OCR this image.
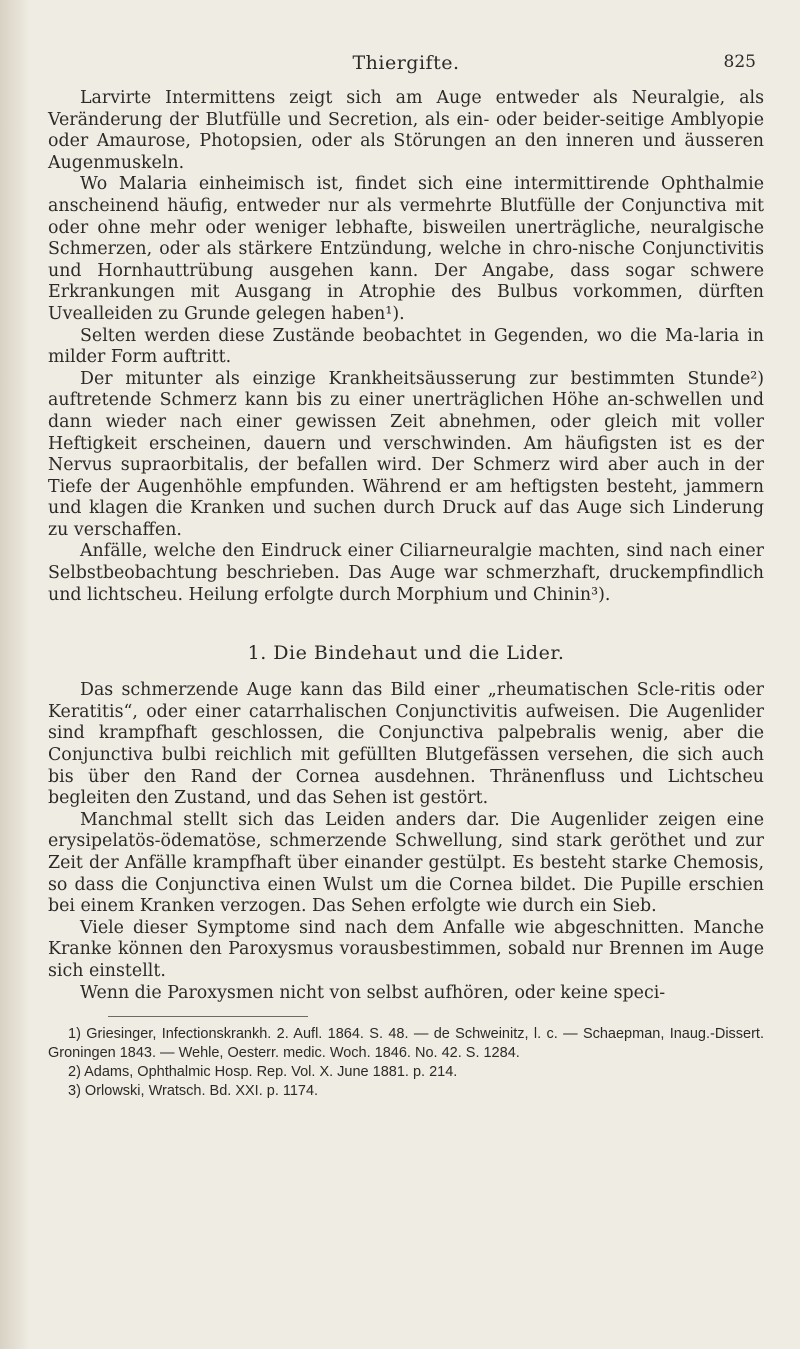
Thiergifte.	825

Larvirte Intermittens zeigt sich am Auge entweder als Neuralgie, als Veränderung der Blutfülle und Secretion, als ein- oder beider-seitige Amblyopie oder Amaurose, Photopsien, oder als Störungen an den inneren und äusseren Augenmuskeln.

Wo Malaria einheimisch ist, findet sich eine intermittirende Ophthalmie anscheinend häufig, entweder nur als vermehrte Blutfülle der Conjunctiva mit oder ohne mehr oder weniger lebhafte, bisweilen unerträgliche, neuralgische Schmerzen, oder als stärkere Entzündung, welche in chro-nische Conjunctivitis und Hornhauttrübung ausgehen kann. Der Angabe, dass sogar schwere Erkrankungen mit Ausgang in Atrophie des Bulbus vorkommen, dürften Uvealleiden zu Grunde gelegen haben¹).

Selten werden diese Zustände beobachtet in Gegenden, wo die Ma-laria in milder Form auftritt.

Der mitunter als einzige Krankheitsäusserung zur bestimmten Stunde²) auftretende Schmerz kann bis zu einer unerträglichen Höhe an-schwellen und dann wieder nach einer gewissen Zeit abnehmen, oder gleich mit voller Heftigkeit erscheinen, dauern und verschwinden. Am häufigsten ist es der Nervus supraorbitalis, der befallen wird. Der Schmerz wird aber auch in der Tiefe der Augenhöhle empfunden. Während er am heftigsten besteht, jammern und klagen die Kranken und suchen durch Druck auf das Auge sich Linderung zu verschaffen.

Anfälle, welche den Eindruck einer Ciliarneuralgie machten, sind nach einer Selbstbeobachtung beschrieben. Das Auge war schmerzhaft, druckempfindlich und lichtscheu. Heilung erfolgte durch Morphium und Chinin³).

1. Die Bindehaut und die Lider.

Das schmerzende Auge kann das Bild einer „rheumatischen Scle-ritis oder Keratitis“, oder einer catarrhalischen Conjunctivitis aufweisen. Die Augenlider sind krampfhaft geschlossen, die Conjunctiva palpebralis wenig, aber die Conjunctiva bulbi reichlich mit gefüllten Blutgefässen versehen, die sich auch bis über den Rand der Cornea ausdehnen. Thränenfluss und Lichtscheu begleiten den Zustand, und das Sehen ist gestört.

Manchmal stellt sich das Leiden anders dar. Die Augenlider zeigen eine erysipelatös-ödematöse, schmerzende Schwellung, sind stark geröthet und zur Zeit der Anfälle krampfhaft über einander gestülpt. Es besteht starke Chemosis, so dass die Conjunctiva einen Wulst um die Cornea bildet. Die Pupille erschien bei einem Kranken verzogen. Das Sehen erfolgte wie durch ein Sieb.

Viele dieser Symptome sind nach dem Anfalle wie abgeschnitten. Manche Kranke können den Paroxysmus vorausbestimmen, sobald nur Brennen im Auge sich einstellt.

Wenn die Paroxysmen nicht von selbst aufhören, oder keine speci-

1) Griesinger, Infectionskrankh. 2. Aufl. 1864. S. 48. — de Schweinitz, l. c. — Schaepman, Inaug.-Dissert. Groningen 1843. — Wehle, Oesterr. medic. Woch. 1846. No. 42. S. 1284.

2) Adams, Ophthalmic Hosp. Rep. Vol. X. June 1881. p. 214.

3) Orlowski, Wratsch. Bd. XXI. p. 1174.
